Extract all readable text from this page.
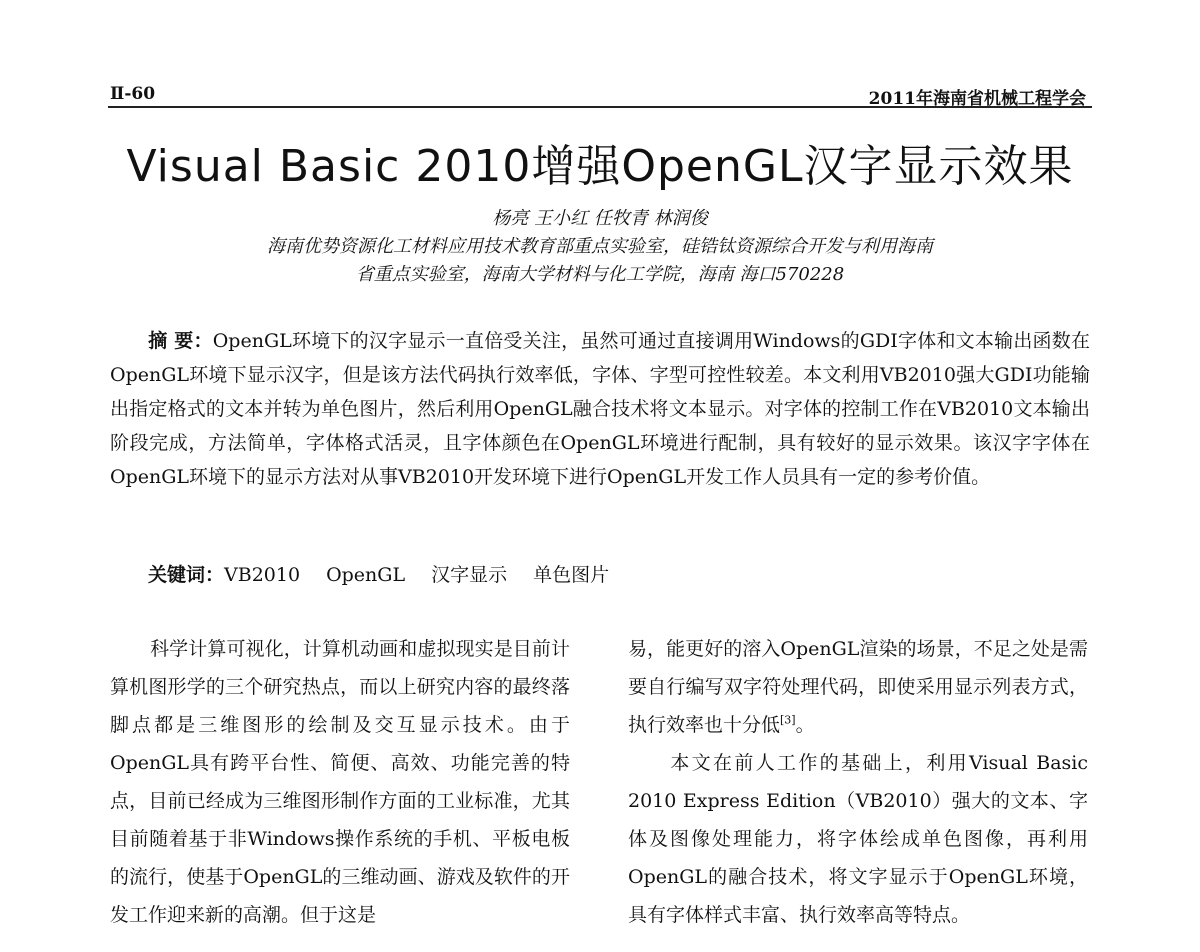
Ⅱ-60	2011年海南省机械工程学会
Visual Basic 2010增强OpenGL汉字显示效果
杨亮 王小红 任牧青 林润俊
海南优势资源化工材料应用技术教育部重点实验室，硅锆钛资源综合开发与利用海南
省重点实验室，海南大学材料与化工学院，海南 海口570228

摘 要：OpenGL环境下的汉字显示一直倍受关注，虽然可通过直接调用Windows的GDI字体和文本输出函数在OpenGL环境下显示汉字，但是该方法代码执行效率低，字体、字型可控性较差。本文利用VB2010强大GDI功能输出指定格式的文本并转为单色图片，然后利用OpenGL融合技术将文本显示。对字体的控制工作在VB2010文本输出阶段完成，方法简单，字体格式活灵，且字体颜色在OpenGL环境进行配制，具有较好的显示效果。该汉字字体在OpenGL环境下的显示方法对从事VB2010开发环境下进行OpenGL开发工作人员具有一定的参考价值。

关键词：VB2010 OpenGL 汉字显示 单色图片

科学计算可视化，计算机动画和虚拟现实是目前计算机图形学的三个研究热点，而以上研究内容的最终落脚点都是三维图形的绘制及交互显示技术。由于OpenGL具有跨平台性、简便、高效、功能完善的特点，目前已经成为三维图形制作方面的工业标准，尤其目前随着基于非Windows操作系统的手机、平板电板的流行，使基于OpenGL的三维动画、游戏及软件的开发工作迎来新的高潮。但于这是

易，能更好的溶入OpenGL渲染的场景，不足之处是需要自行编写双字符处理代码，即使采用显示列表方式，执行效率也十分低[3]。

本文在前人工作的基础上，利用Visual Basic 2010 Express Edition（VB2010）强大的文本、字体及图像处理能力，将字体绘成单色图像，再利用OpenGL的融合技术，将文字显示于OpenGL环境，具有字体样式丰富、执行效率高等特点。
